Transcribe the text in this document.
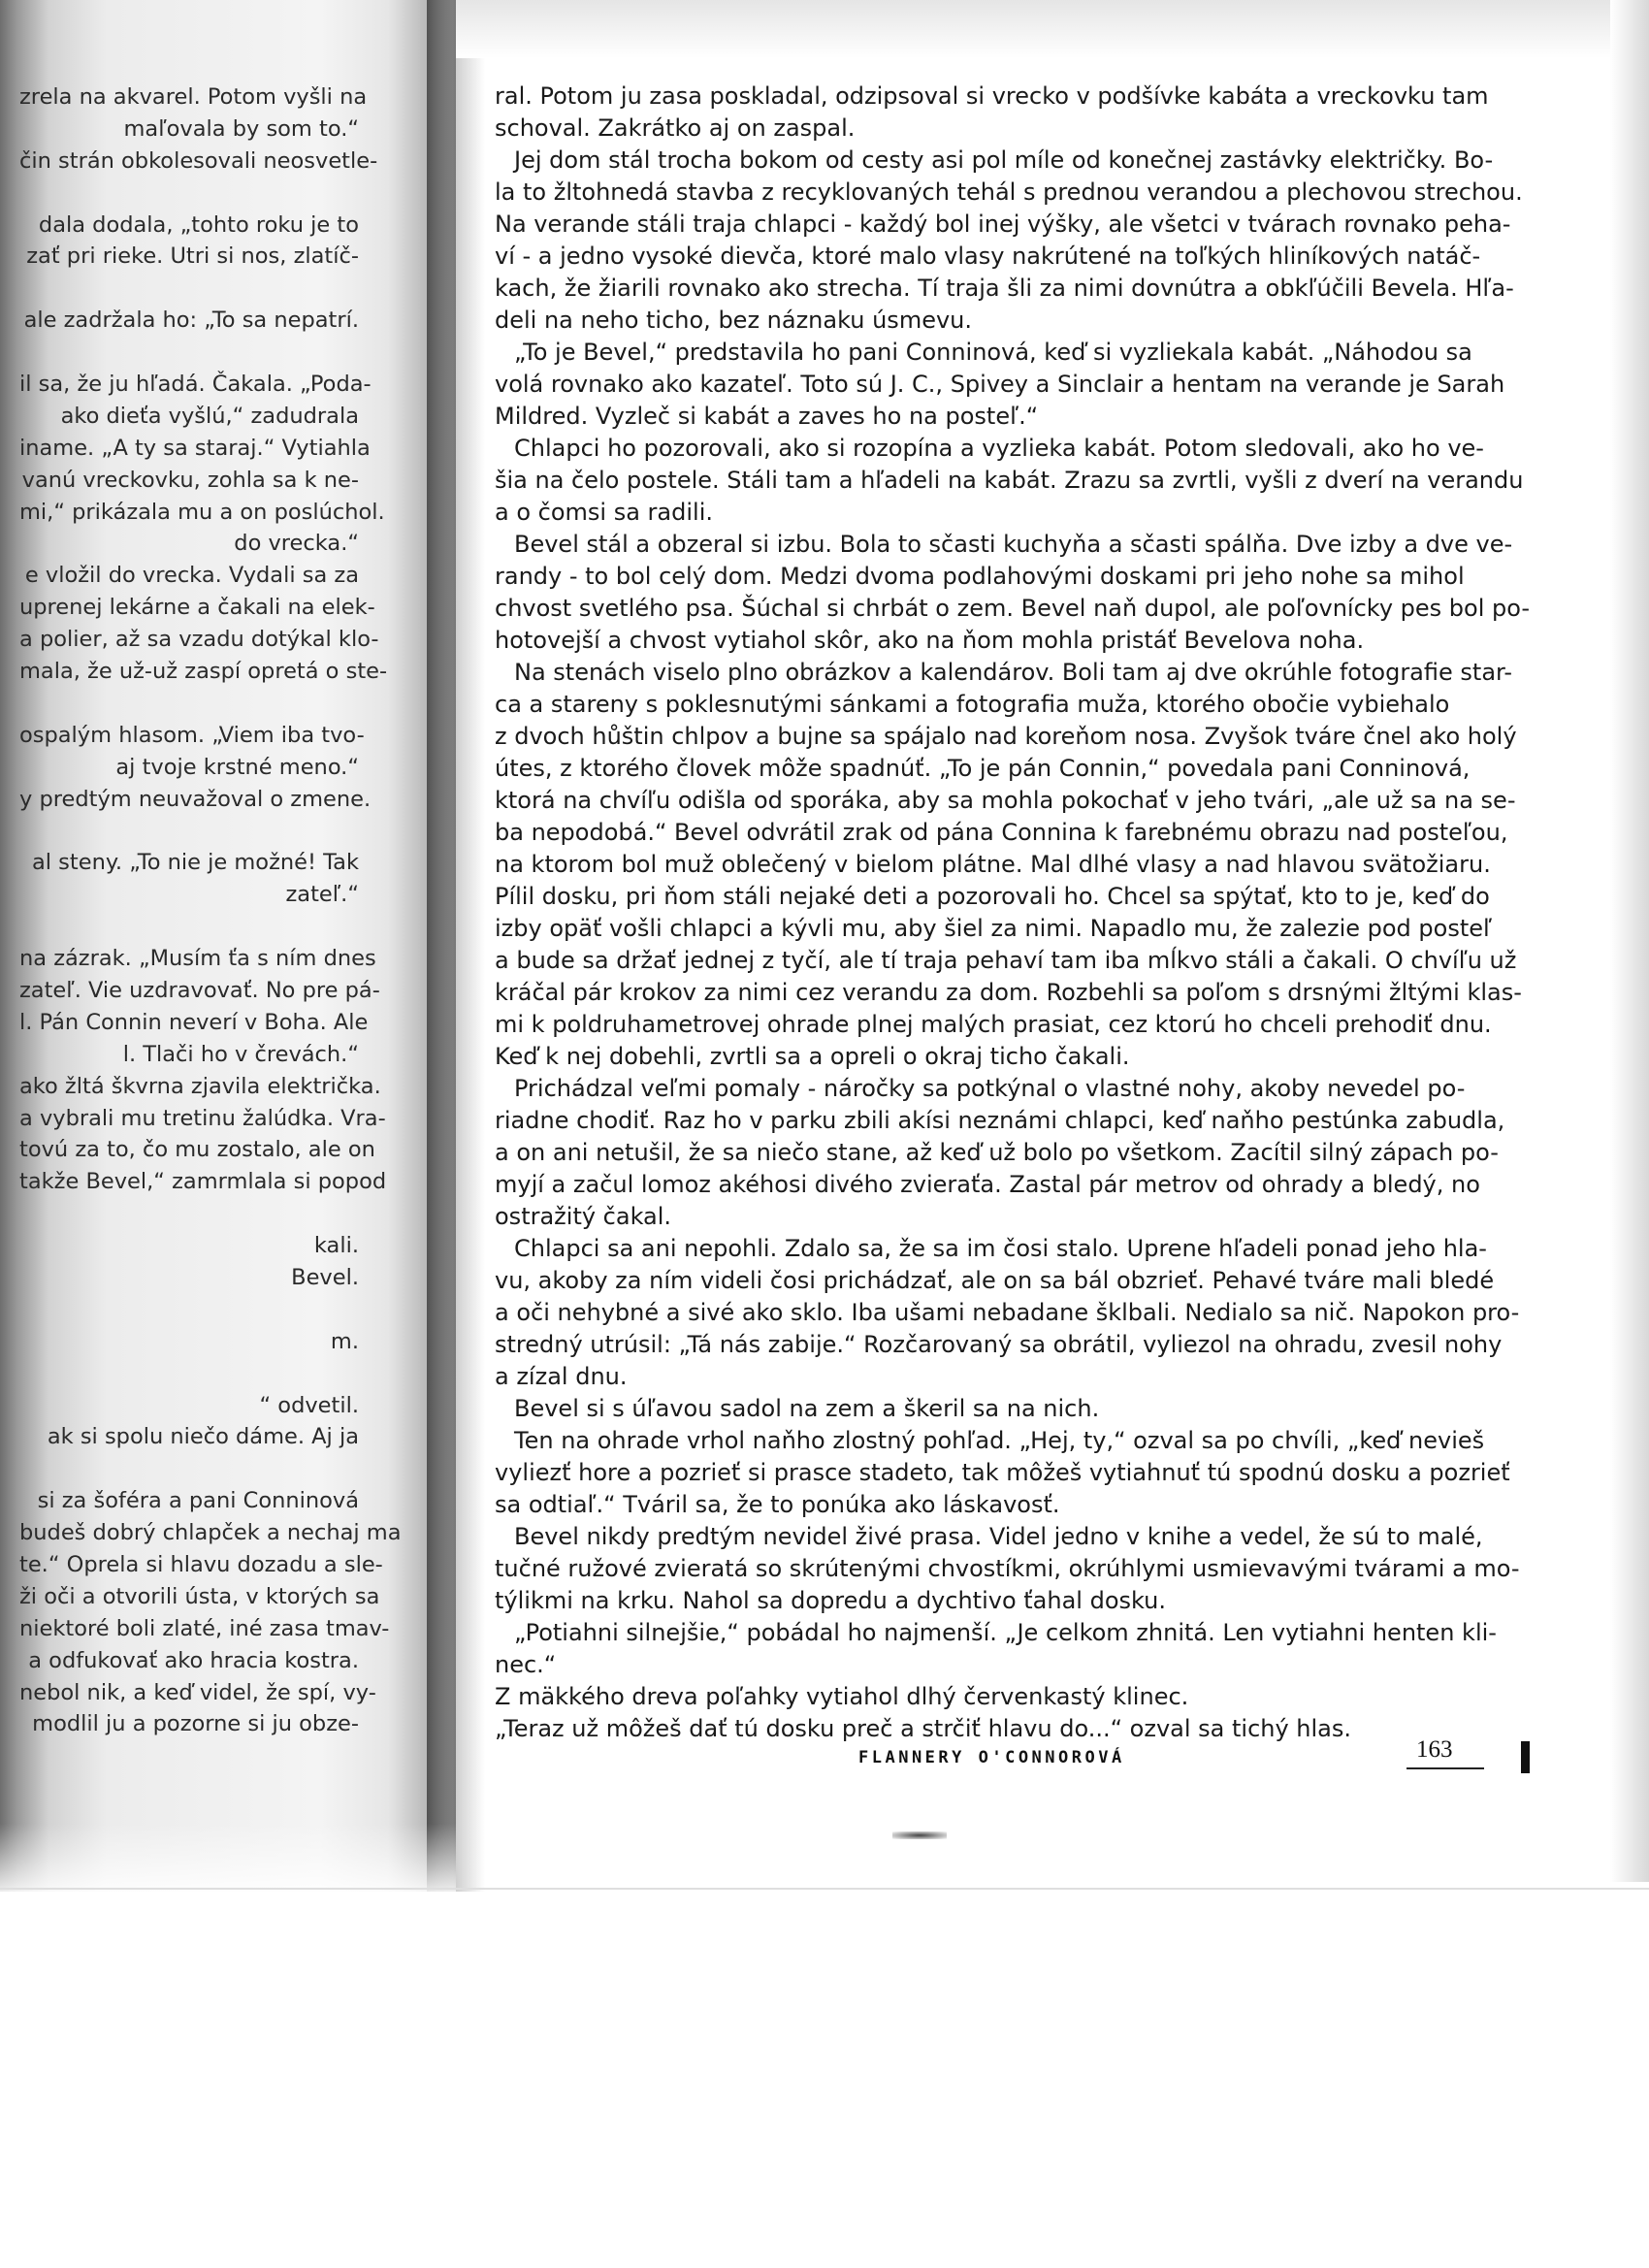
zrela na akvarel. Potom vyšli na
maľovala by som to.“
čin strán obkolesovali neosvetle-
dala dodala, „tohto roku je to
zať pri rieke. Utri si nos, zlatíč-
ale zadržala ho: „To sa nepatrí.
il sa, že ju hľadá. Čakala. „Poda-
ako dieťa vyšlú,“ zadudrala
iname. „A ty sa staraj.“ Vytiahla
vanú vreckovku, zohla sa k ne-
mi,“ prikázala mu a on poslúchol.
do vrecka.“
e vložil do vrecka. Vydali sa za
uprenej lekárne a čakali na elek-
a polier, až sa vzadu dotýkal klo-
mala, že už-už zaspí opretá o ste-
ospalým hlasom. „Viem iba tvo-
aj tvoje krstné meno.“
y predtým neuvažoval o zmene.
al steny. „To nie je možné! Tak
zateľ.“
na zázrak. „Musím ťa s ním dnes
zateľ. Vie uzdravovať. No pre pá-
l. Pán Connin neverí v Boha. Ale
l. Tlači ho v črevách.“
ako žltá škvrna zjavila električka.
a vybrali mu tretinu žalúdka. Vra-
tovú za to, čo mu zostalo, ale on
takže Bevel,“ zamrmlala si popod
kali.
Bevel.
m.
“ odvetil.
ak si spolu niečo dáme. Aj ja
si za šoféra a pani Conninová
budeš dobrý chlapček a nechaj ma
te.“ Oprela si hlavu dozadu a sle-
ži oči a otvorili ústa, v ktorých sa
niektoré boli zlaté, iné zasa tmav-
a odfukovať ako hracia kostra.
nebol nik, a keď videl, že spí, vy-
modlil ju a pozorne si ju obze-
ral. Potom ju zasa poskladal, odzipsoval si vrecko v podšívke kabáta a vreckovku tam
schoval. Zakrátko aj on zaspal.
Jej dom stál trocha bokom od cesty asi pol míle od konečnej zastávky električky. Bo-
la to žltohnedá stavba z recyklovaných tehál s prednou verandou a plechovou strechou.
Na verande stáli traja chlapci - každý bol inej výšky, ale všetci v tvárach rovnako peha-
ví - a jedno vysoké dievča, ktoré malo vlasy nakrútené na toľkých hliníkových natáč-
kach, že žiarili rovnako ako strecha. Tí traja šli za nimi dovnútra a obkľúčili Bevela. Hľa-
deli na neho ticho, bez náznaku úsmevu.
„To je Bevel,“ predstavila ho pani Conninová, keď si vyzliekala kabát. „Náhodou sa
volá rovnako ako kazateľ. Toto sú J. C., Spivey a Sinclair a hentam na verande je Sarah
Mildred. Vyzleč si kabát a zaves ho na posteľ.“
Chlapci ho pozorovali, ako si rozopína a vyzlieka kabát. Potom sledovali, ako ho ve-
šia na čelo postele. Stáli tam a hľadeli na kabát. Zrazu sa zvrtli, vyšli z dverí na verandu
a o čomsi sa radili.
Bevel stál a obzeral si izbu. Bola to sčasti kuchyňa a sčasti spálňa. Dve izby a dve ve-
randy - to bol celý dom. Medzi dvoma podlahovými doskami pri jeho nohe sa mihol
chvost svetlého psa. Šúchal si chrbát o zem. Bevel naň dupol, ale poľovnícky pes bol po-
hotovejší a chvost vytiahol skôr, ako na ňom mohla pristáť Bevelova noha.
Na stenách viselo plno obrázkov a kalendárov. Boli tam aj dve okrúhle fotografie star-
ca a stareny s poklesnutými sánkami a fotografia muža, ktorého obočie vybiehalo
z dvoch hůštin chlpov a bujne sa spájalo nad koreňom nosa. Zvyšok tváre čnel ako holý
útes, z ktorého človek môže spadnúť. „To je pán Connin,“ povedala pani Conninová,
ktorá na chvíľu odišla od sporáka, aby sa mohla pokochať v jeho tvári, „ale už sa na se-
ba nepodobá.“ Bevel odvrátil zrak od pána Connina k farebnému obrazu nad posteľou,
na ktorom bol muž oblečený v bielom plátne. Mal dlhé vlasy a nad hlavou svätožiaru.
Pílil dosku, pri ňom stáli nejaké deti a pozorovali ho. Chcel sa spýtať, kto to je, keď do
izby opäť vošli chlapci a kývli mu, aby šiel za nimi. Napadlo mu, že zalezie pod posteľ
a bude sa držať jednej z tyčí, ale tí traja pehaví tam iba mĺkvo stáli a čakali. O chvíľu už
kráčal pár krokov za nimi cez verandu za dom. Rozbehli sa poľom s drsnými žltými klas-
mi k poldruhametrovej ohrade plnej malých prasiat, cez ktorú ho chceli prehodiť dnu.
Keď k nej dobehli, zvrtli sa a opreli o okraj ticho čakali.
Prichádzal veľmi pomaly - náročky sa potkýnal o vlastné nohy, akoby nevedel po-
riadne chodiť. Raz ho v parku zbili akísi neznámi chlapci, keď naňho pestúnka zabudla,
a on ani netušil, že sa niečo stane, až keď už bolo po všetkom. Zacítil silný zápach po-
myjí a začul lomoz akéhosi divého zvieraťa. Zastal pár metrov od ohrady a bledý, no
ostražitý čakal.
Chlapci sa ani nepohli. Zdalo sa, že sa im čosi stalo. Uprene hľadeli ponad jeho hla-
vu, akoby za ním videli čosi prichádzať, ale on sa bál obzrieť. Pehavé tváre mali bledé
a oči nehybné a sivé ako sklo. Iba ušami nebadane šklbali. Nedialo sa nič. Napokon pro-
stredný utrúsil: „Tá nás zabije.“ Rozčarovaný sa obrátil, vyliezol na ohradu, zvesil nohy
a zízal dnu.
Bevel si s úľavou sadol na zem a škeril sa na nich.
Ten na ohrade vrhol naňho zlostný pohľad. „Hej, ty,“ ozval sa po chvíli, „keď nevieš
vyliezť hore a pozrieť si prasce stadeto, tak môžeš vytiahnuť tú spodnú dosku a pozrieť
sa odtiaľ.“ Tváril sa, že to ponúka ako láskavosť.
Bevel nikdy predtým nevidel živé prasa. Videl jedno v knihe a vedel, že sú to malé,
tučné ružové zvieratá so skrútenými chvostíkmi, okrúhlymi usmievavými tvárami a mo-
týlikmi na krku. Nahol sa dopredu a dychtivo ťahal dosku.
„Potiahni silnejšie,“ pobádal ho najmenší. „Je celkom zhnitá. Len vytiahni henten kli-
nec.“
Z mäkkého dreva poľahky vytiahol dlhý červenkastý klinec.
„Teraz už môžeš dať tú dosku preč a strčiť hlavu do...“ ozval sa tichý hlas.
FLANNERY O'CONNOROVÁ	163
